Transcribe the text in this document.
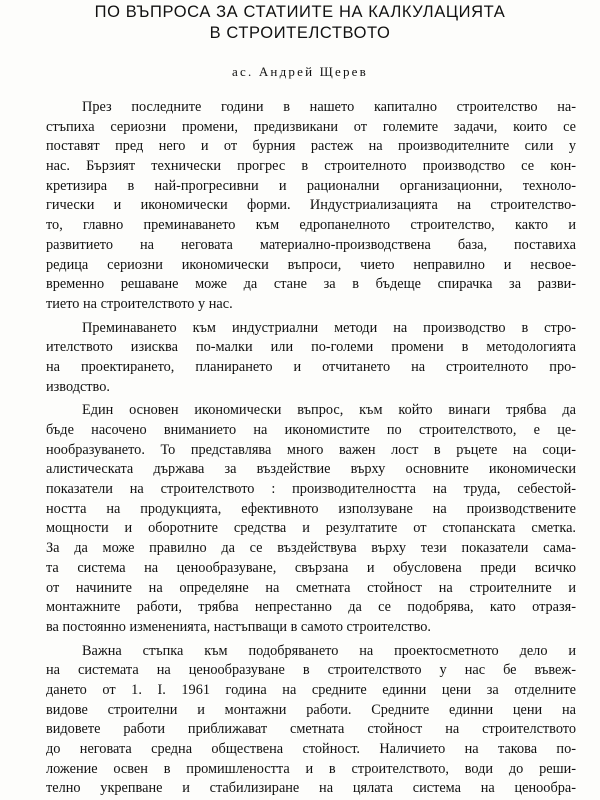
ПО ВЪПРОСА ЗА СТАТИИТЕ НА КАЛКУЛАЦИЯТА
В СТРОИТЕЛСТВОТО
ас. Андрей Щерев
През последните години в нашето капитално строителство на-
стъпиха сериозни промени, предизвикани от големите задачи, които се
поставят пред него и от бурния растеж на производителните сили у
нас. Бързият технически прогрес в строителното производство се кон-
кретизира в най-прогресивни и рационални организационни, техноло-
гически и икономически форми. Индустриализацията на строителство-
то, главно преминаването към едропанелното строителство, както и
развитието на неговата материално-производствена база, поставиха
редица сериозни икономически въпроси, чието неправилно и несвое-
временно решаване може да стане за в бъдеще спирачка за разви-
тието на строителството у нас.
Преминаването към индустриални методи на производство в стро-
ителството изисква по-малки или по-големи промени в методологията
на проектирането, планирането и отчитането на строителното про-
изводство.
Един основен икономически въпрос, към който винаги трябва да
бъде насочено вниманието на икономистите по строителството, е це-
нообразуването. То представлява много важен лост в ръцете на соци-
алистическата държава за въздействие върху основните икономически
показатели на строителството : производителността на труда, себестой-
ността на продукцията, ефективното използуване на производствените
мощности и оборотните средства и резултатите от стопанската сметка.
За да може правилно да се въздействува върху тези показатели сама-
та система на ценообразуване, свързана и обусловена преди всичко
от начините на определяне на сметната стойност на строителните и
монтажните работи, трябва непрестанно да се подобрява, като отразя-
ва постоянно измененията, настъпващи в самото строителство.
Важна стъпка към подобряването на проектосметното дело и
на системата на ценообразуване в строителството у нас бе въвеж-
дането от 1. I. 1961 година на средните единни цени за отделните
видове строителни и монтажни работи. Средните единни цени на
видовете работи приближават сметната стойност на строителството
до неговата средна обществена стойност. Наличието на такова по-
ложение освен в промишлеността и в строителството, води до реши-
телно укрепване и стабилизиране на цялата система на ценообра-
